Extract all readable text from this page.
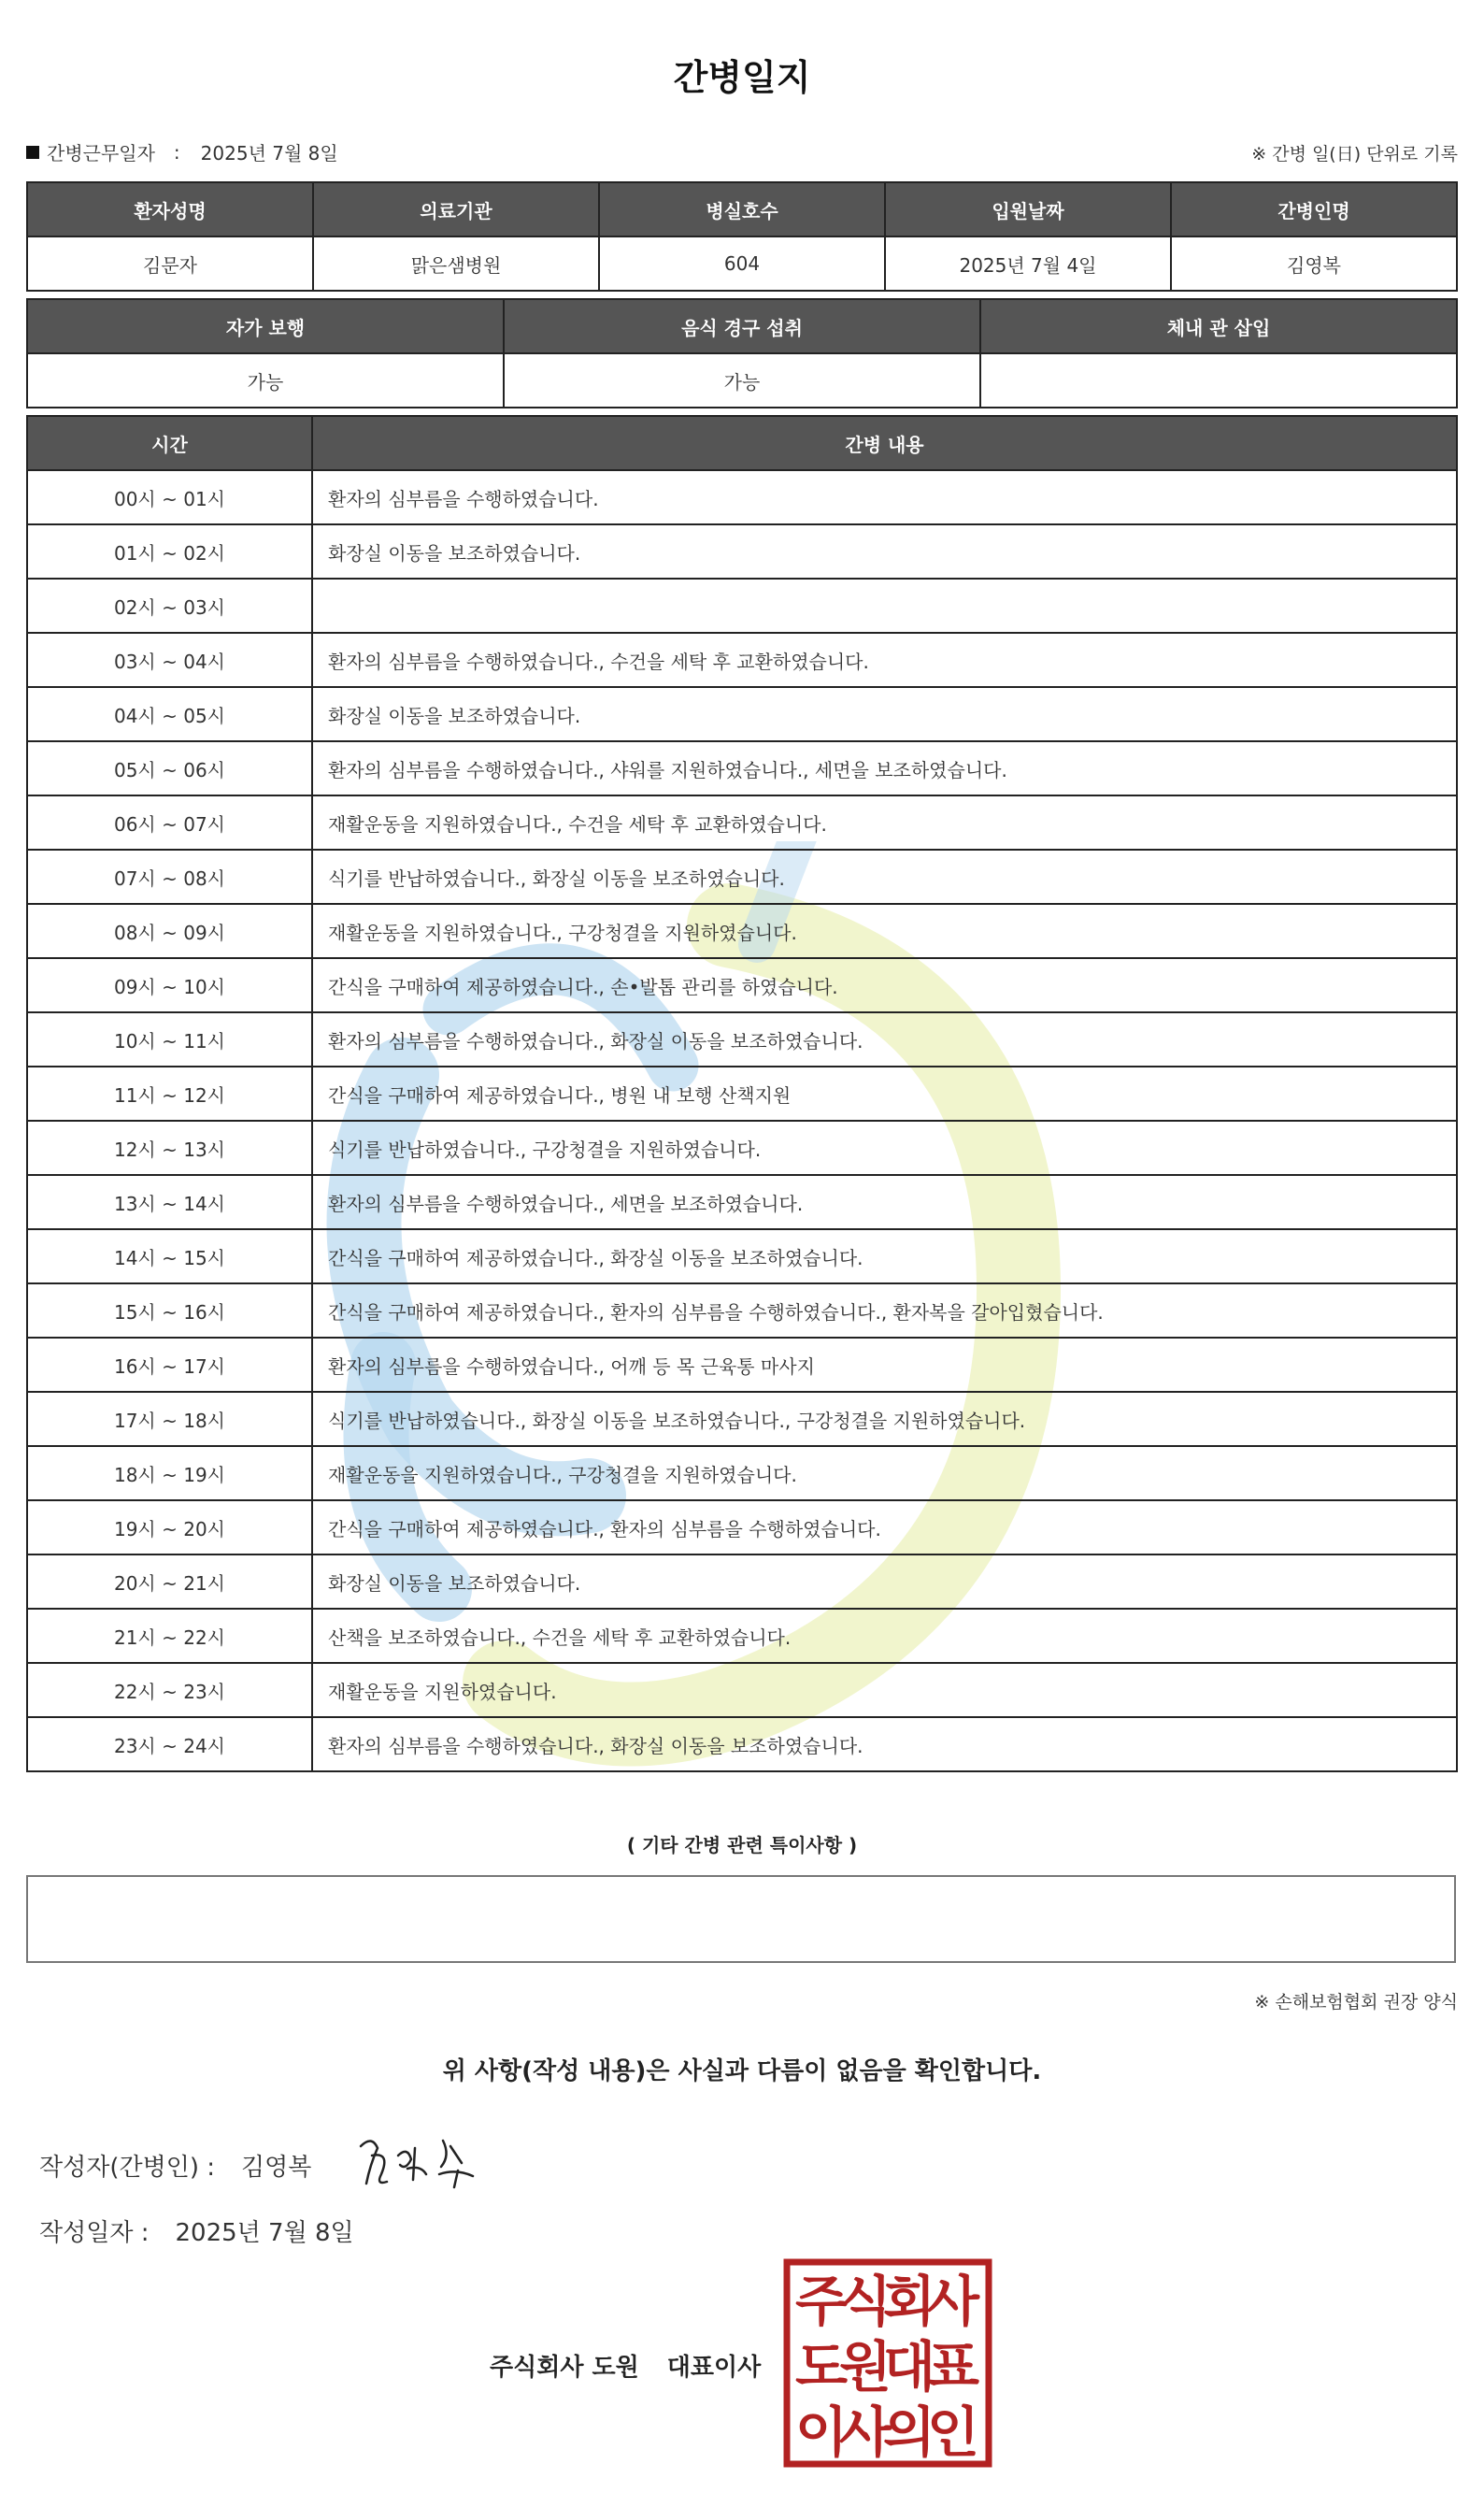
간병일지
간병근무일자 : 2025년 7월 8일	※ 간병 일(日) 단위로 기록
환자성명	의료기관	병실호수	입원날짜	간병인명
김문자	맑은샘병원	604	2025년 7월 4일	김영복
자가 보행	음식 경구 섭취	체내 관 삽입
가능	가능	
시간	간병 내용
00시 ~ 01시	환자의 심부름을 수행하였습니다.
01시 ~ 02시	화장실 이동을 보조하였습니다.
02시 ~ 03시	
03시 ~ 04시	환자의 심부름을 수행하였습니다., 수건을 세탁 후 교환하였습니다.
04시 ~ 05시	화장실 이동을 보조하였습니다.
05시 ~ 06시	환자의 심부름을 수행하였습니다., 샤워를 지원하였습니다., 세면을 보조하였습니다.
06시 ~ 07시	재활운동을 지원하였습니다., 수건을 세탁 후 교환하였습니다.
07시 ~ 08시	식기를 반납하였습니다., 화장실 이동을 보조하였습니다.
08시 ~ 09시	재활운동을 지원하였습니다., 구강청결을 지원하였습니다.
09시 ~ 10시	간식을 구매하여 제공하였습니다., 손•발톱 관리를 하였습니다.
10시 ~ 11시	환자의 심부름을 수행하였습니다., 화장실 이동을 보조하였습니다.
11시 ~ 12시	간식을 구매하여 제공하였습니다., 병원 내 보행 산책지원
12시 ~ 13시	식기를 반납하였습니다., 구강청결을 지원하였습니다.
13시 ~ 14시	환자의 심부름을 수행하였습니다., 세면을 보조하였습니다.
14시 ~ 15시	간식을 구매하여 제공하였습니다., 화장실 이동을 보조하였습니다.
15시 ~ 16시	간식을 구매하여 제공하였습니다., 환자의 심부름을 수행하였습니다., 환자복을 갈아입혔습니다.
16시 ~ 17시	환자의 심부름을 수행하였습니다., 어깨 등 목 근육통 마사지
17시 ~ 18시	식기를 반납하였습니다., 화장실 이동을 보조하였습니다., 구강청결을 지원하였습니다.
18시 ~ 19시	재활운동을 지원하였습니다., 구강청결을 지원하였습니다.
19시 ~ 20시	간식을 구매하여 제공하였습니다., 환자의 심부름을 수행하였습니다.
20시 ~ 21시	화장실 이동을 보조하였습니다.
21시 ~ 22시	산책을 보조하였습니다., 수건을 세탁 후 교환하였습니다.
22시 ~ 23시	재활운동을 지원하였습니다.
23시 ~ 24시	환자의 심부름을 수행하였습니다., 화장실 이동을 보조하였습니다.
( 기타 간병 관련 특이사항 )
※ 손해보험협회 권장 양식
위 사항(작성 내용)은 사실과 다름이 없음을 확인합니다.
작성자(간병인) : 김영복
작성일자 : 2025년 7월 8일
주식회사 도원 대표이사
주
식
회
사
도
원
대
표
이
사
의
인
